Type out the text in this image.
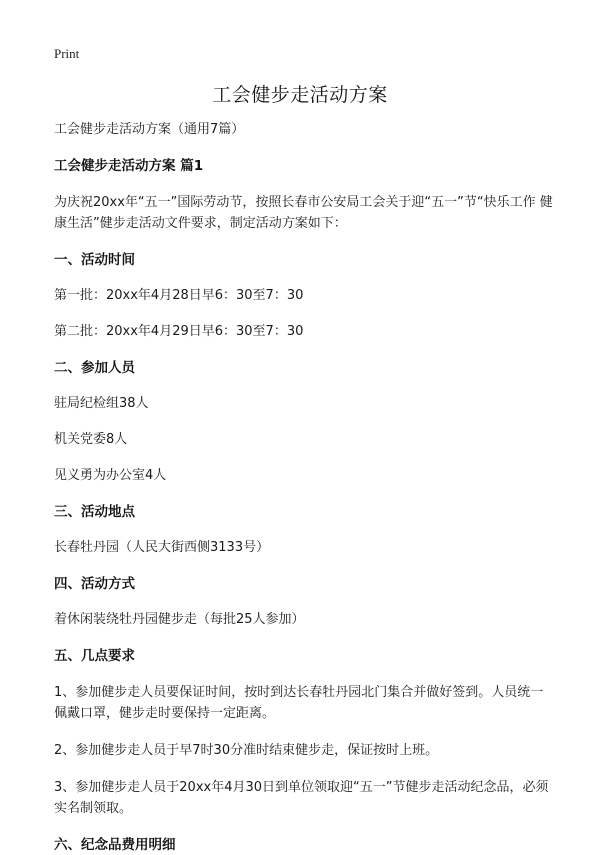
Print
工会健步走活动方案

工会健步走活动方案（通用7篇）

工会健步走活动方案 篇1

为庆祝20xx年“五一”国际劳动节，按照长春市公安局工会关于迎“五一”节“快乐工作 健康生活”健步走活动文件要求，制定活动方案如下：

一、活动时间

第一批：20xx年4月28日早6：30至7：30

第二批：20xx年4月29日早6：30至7：30

二、参加人员

驻局纪检组38人

机关党委8人

见义勇为办公室4人

三、活动地点

长春牡丹园（人民大街西侧3133号）

四、活动方式

着休闲装绕牡丹园健步走（每批25人参加）

五、几点要求

1、参加健步走人员要保证时间，按时到达长春牡丹园北门集合并做好签到。人员统一佩戴口罩，健步走时要保持一定距离。

2、参加健步走人员于早7时30分准时结束健步走，保证按时上班。

3、参加健步走人员于20xx年4月30日到单位领取迎“五一”节健步走活动纪念品，必须实名制领取。

六、纪念品费用明细
